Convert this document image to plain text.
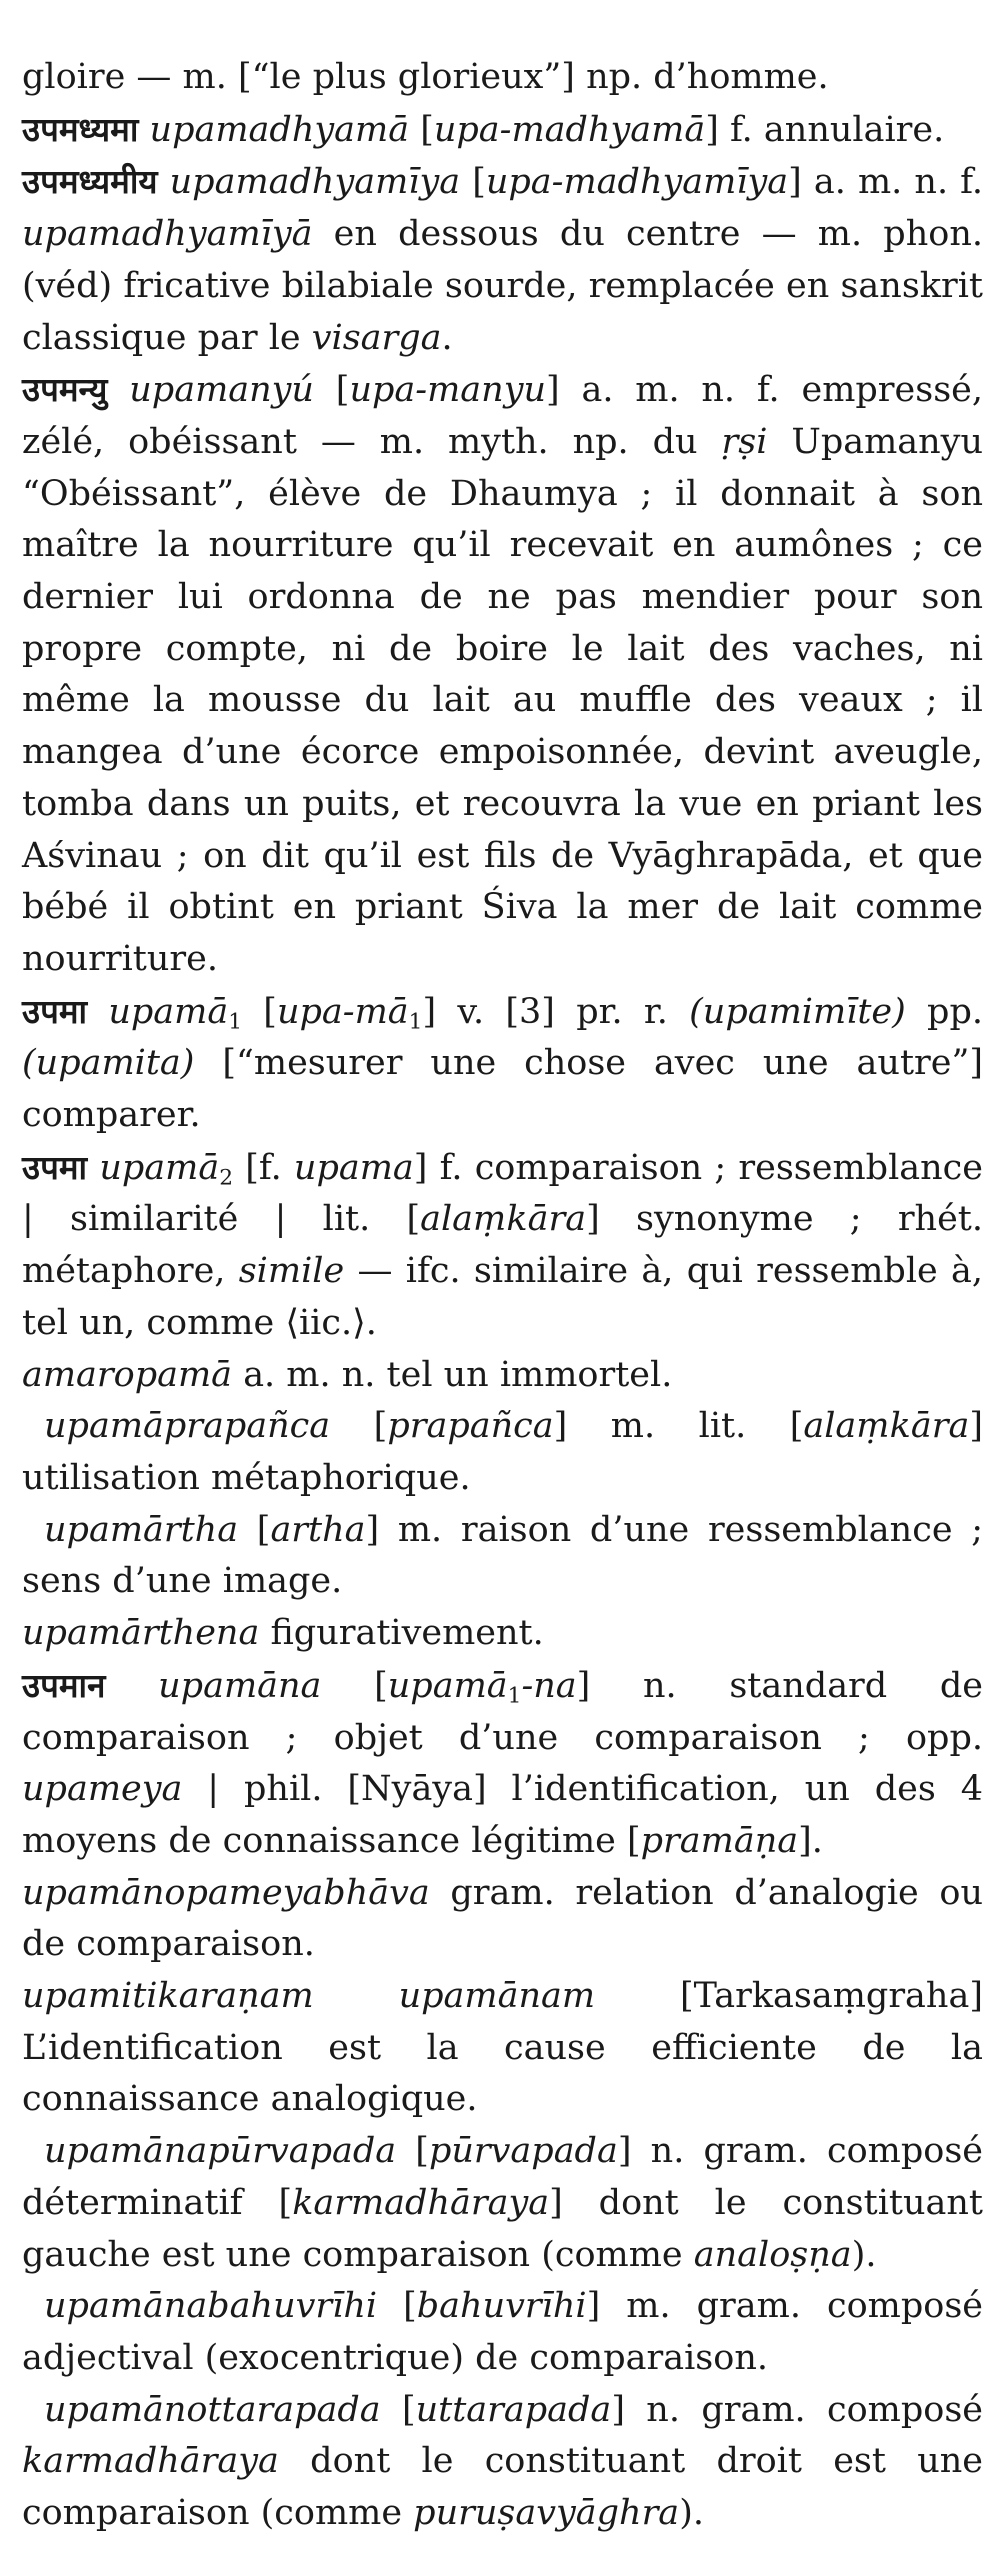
gloire — m. [“le plus glorieux”] np. d’homme.

उपमध्यमा upamadhyamā [upa-madhyamā] f. annulaire.

उपमध्यमीय upamadhyamīya [upa-madhyamīya] a. m. n. f. upamadhyamīyā en dessous du centre — m. phon. (véd) fricative bilabiale sourde, remplacée en sanskrit classique par le visarga.

उपमन्यु upamanyú [upa-manyu] a. m. n. f. empressé, zélé, obéissant — m. myth. np. du ṛṣi Upamanyu “Obéissant”, élève de Dhaumya ; il donnait à son maître la nourriture qu’il recevait en aumônes ; ce dernier lui ordonna de ne pas mendier pour son propre compte, ni de boire le lait des vaches, ni même la mousse du lait au muffle des veaux ; il mangea d’une écorce empoisonnée, devint aveugle, tomba dans un puits, et recouvra la vue en priant les Aśvinau ; on dit qu’il est fils de Vyāghrapāda, et que bébé il obtint en priant Śiva la mer de lait comme nourriture.

उपमा upamā$_1$ $[upa-mā_1]$ v. [3] pr. r. (upamimīte) pp. (upamita) [“mesurer une chose avec une autre”] comparer.

उपमा upamā$_2$ [f. upama] f. comparaison ; ressemblance | similarité | lit. [alaṃkāra] synonyme ; rhét. métaphore, simile — ifc. similaire à, qui ressemble à, tel un, comme ⟨iic.⟩.

amaropamā a. m. n. tel un immortel.

upamāprapañca [prapañca] m. lit. [alaṃkāra] utilisation métaphorique.

upamārtha [artha] m. raison d’une ressemblance ; sens d’une image.

upamārthena figurativement.

उपमान upamāna [upamā$_1$-na] n. standard de comparaison ; objet d’une comparaison ; opp. upameya | phil. [Nyāya] l’identification, un des 4 moyens de connaissance légitime [pramāṇa].

upamānopameyabhāva gram. relation d’analogie ou de comparaison.

upamitikaraṇam upamānam [Tarkasaṃgraha] L’identification est la cause efficiente de la connaissance analogique.

upamānapūrvapada [pūrvapada] n. gram. composé déterminatif [karmadhāraya] dont le constituant gauche est une comparaison (comme analoṣṇa).

upamānabahuvrīhi [bahuvrīhi] m. gram. composé adjectival (exocentrique) de comparaison.

upamānottarapada [uttarapada] n. gram. composé karmadhāraya dont le constituant droit est une comparaison (comme puruṣavyāghra).
